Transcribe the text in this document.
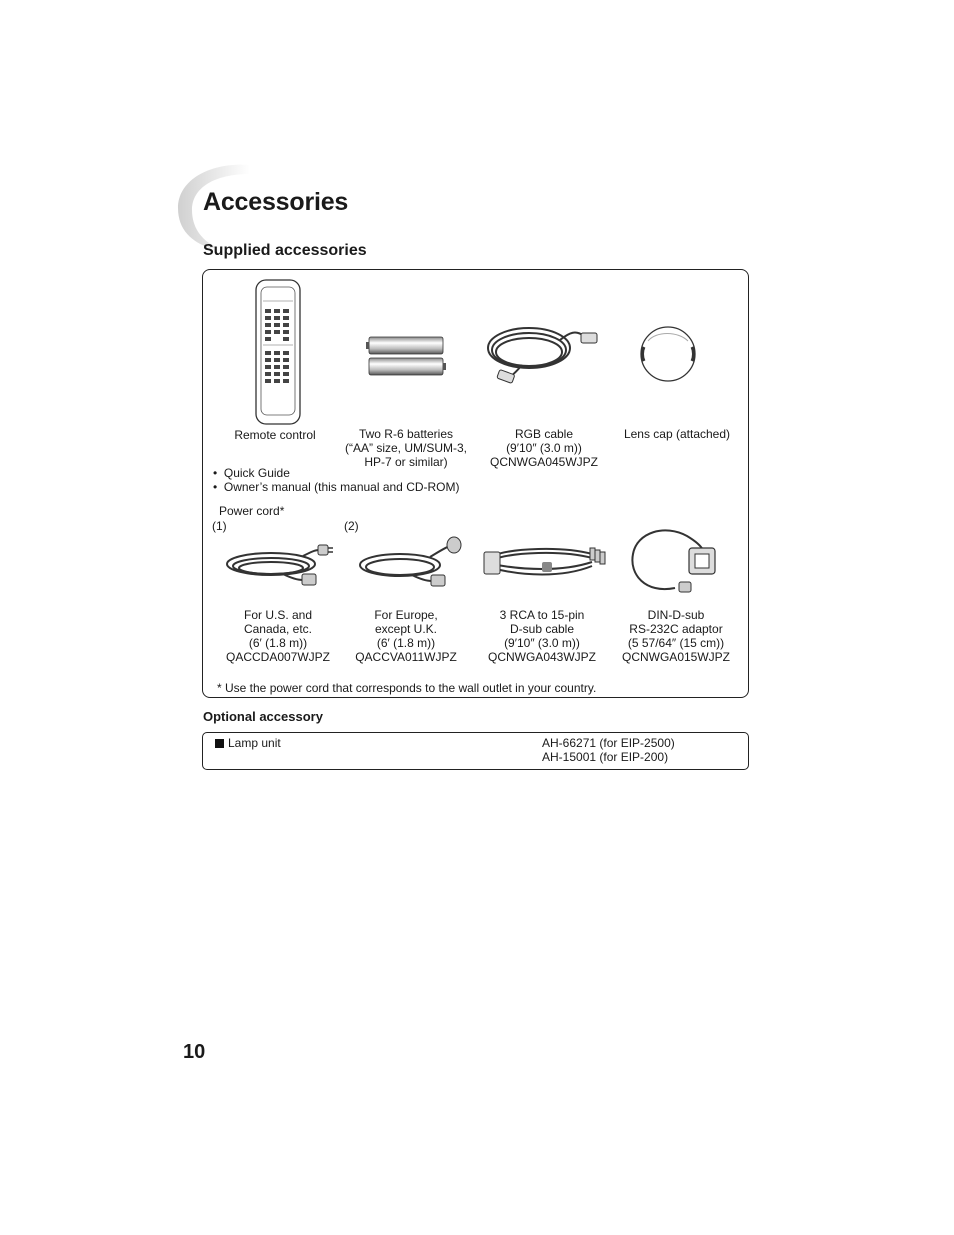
Accessories
Supplied accessories
Remote control	Two R-6 batteries
(“AA” size, UM/SUM-3,
HP-7 or similar)
RGB cable
(9′10″ (3.0 m))
QCNWGA045WJPZ
Lens cap (attached)
•  Quick Guide
•  Owner’s manual (this manual and CD-ROM)
Power cord*
(1)	(2)
For U.S. and
Canada, etc.
(6′ (1.8 m))
QACCDA007WJPZ
For Europe,
except U.K.
(6′ (1.8 m))
QACCVA011WJPZ
3 RCA to 15-pin
D-sub cable
(9′10″ (3.0 m))
QCNWGA043WJPZ
DIN-D-sub
RS-232C adaptor
(5 57/64″ (15 cm))
QCNWGA015WJPZ
* Use the power cord that corresponds to the wall outlet in your country.
Optional accessory
Lamp unit	AH-66271 (for EIP-2500)
AH-15001 (for EIP-200)
10
